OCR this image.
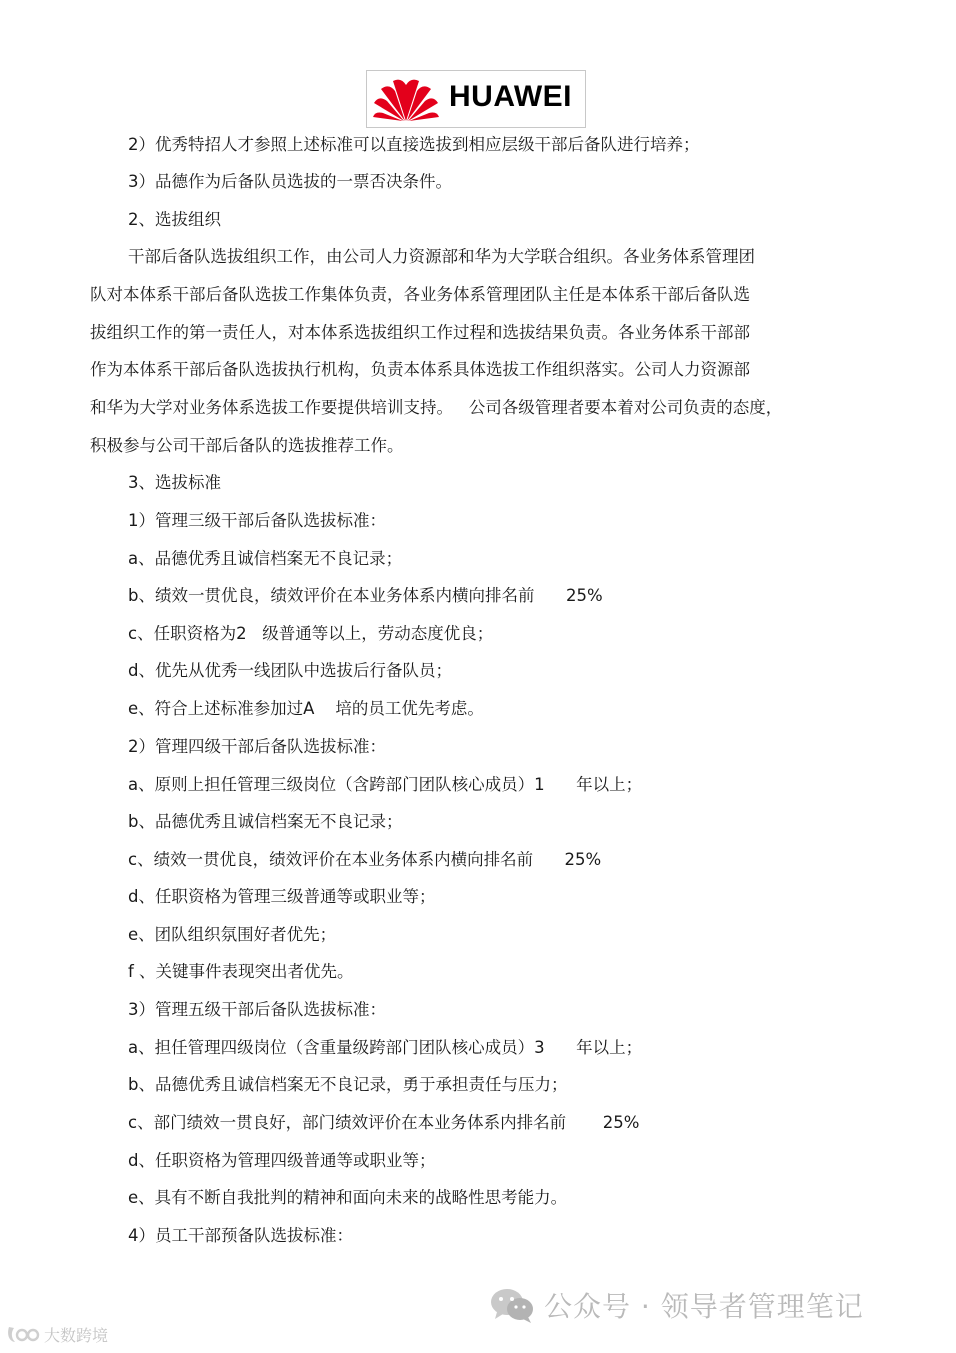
HUAWEI
2）优秀特招人才参照上述标准可以直接选拔到相应层级干部后备队进行培养；
3）品德作为后备队员选拔的一票否决条件。
2、选拔组织
干部后备队选拔组织工作，由公司人力资源部和华为大学联合组织。各业务体系管理团
队对本体系干部后备队选拔工作集体负责，各业务体系管理团队主任是本体系干部后备队选
拔组织工作的第一责任人，对本体系选拔组织工作过程和选拔结果负责。各业务体系干部部
作为本体系干部后备队选拔执行机构，负责本体系具体选拔工作组织落实。公司人力资源部
和华为大学对业务体系选拔工作要提供培训支持。   公司各级管理者要本着对公司负责的态度，
积极参与公司干部后备队的选拔推荐工作。
3、选拔标准
1）管理三级干部后备队选拔标准：
a、品德优秀且诚信档案无不良记录；
b、绩效一贯优良，绩效评价在本业务体系内横向排名前      25%
c、任职资格为2   级普通等以上，劳动态度优良；
d、优先从优秀一线团队中选拔后行备队员；
e、符合上述标准参加过A    培的员工优先考虑。
2）管理四级干部后备队选拔标准：
a、原则上担任管理三级岗位（含跨部门团队核心成员）1      年以上；
b、品德优秀且诚信档案无不良记录；
c、绩效一贯优良，绩效评价在本业务体系内横向排名前      25%
d、任职资格为管理三级普通等或职业等；
e、团队组织氛围好者优先；
f 、关键事件表现突出者优先。
3）管理五级干部后备队选拔标准：
a、担任管理四级岗位（含重量级跨部门团队核心成员）3      年以上；
b、品德优秀且诚信档案无不良记录，勇于承担责任与压力；
c、部门绩效一贯良好，部门绩效评价在本业务体系内排名前       25%
d、任职资格为管理四级普通等或职业等；
e、具有不断自我批判的精神和面向未来的战略性思考能力。
4）员工干部预备队选拔标准：
公众号 · 领导者管理笔记
大数跨境
